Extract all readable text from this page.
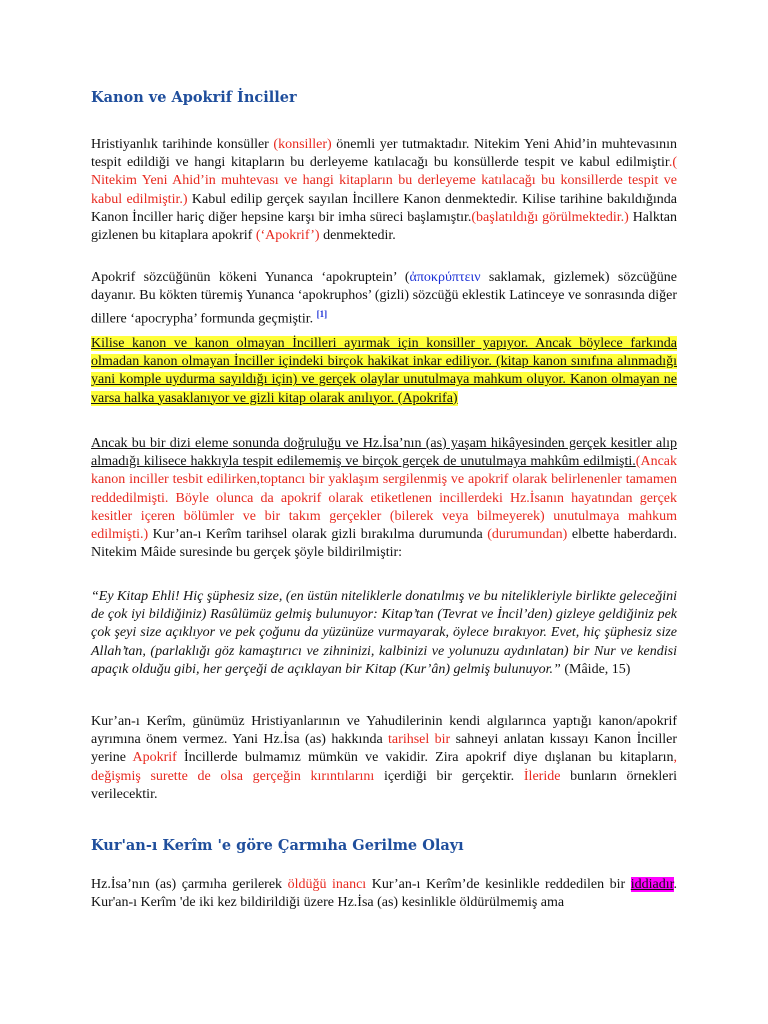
Kanon ve Apokrif İnciller

Hristiyanlık tarihinde konsüller (konsiller) önemli yer tutmaktadır. Nitekim Yeni Ahid’in muhtevasının tespit edildiği ve hangi kitapların bu derleyeme katılacağı bu konsüllerde tespit ve kabul edilmiştir.( Nitekim Yeni Ahid’in muhtevası ve hangi kitapların bu derleyeme katılacağı bu konsillerde tespit ve kabul edilmiştir.) Kabul edilip gerçek sayılan İncillere Kanon denmektedir. Kilise tarihine bakıldığında Kanon İnciller hariç diğer hepsine karşı bir imha süreci başlamıştır.(başlatıldığı görülmektedir.) Halktan gizlenen bu kitaplara apokrif (‘Apokrif’) denmektedir.

Apokrif sözcüğünün kökeni Yunanca ‘apokruptein’ (ἀποκρύπτειν saklamak, gizlemek) sözcüğüne dayanır. Bu kökten türemiş Yunanca ‘apokruphos’ (gizli) sözcüğü eklestik Latinceye ve sonrasında diğer dillere ‘apocrypha’ formunda geçmiştir. [1]

Kilise kanon ve kanon olmayan İncilleri ayırmak için konsiller yapıyor. Ancak böylece farkında olmadan kanon olmayan İnciller içindeki birçok hakikat inkar ediliyor. (kitap kanon sınıfına alınmadığı yani komple uydurma sayıldığı için) ve gerçek olaylar unutulmaya mahkum oluyor. Kanon olmayan ne varsa halka yasaklanıyor ve gizli kitap olarak anılıyor. (Apokrifa)

Ancak bu bir dizi eleme sonunda doğruluğu ve Hz.İsa’nın (as) yaşam hikâyesinden gerçek kesitler alıp almadığı kilisece hakkıyla tespit edilememiş ve birçok gerçek de unutulmaya mahkûm edilmişti.(Ancak kanon inciller tesbit edilirken,toptancı bir yaklaşım sergilenmiş ve apokrif olarak belirlenenler tamamen reddedilmişti. Böyle olunca da apokrif olarak etiketlenen incillerdeki Hz.İsanın hayatından gerçek kesitler içeren bölümler ve bir takım gerçekler (bilerek veya bilmeyerek) unutulmaya mahkum edilmişti.) Kur’an-ı Kerîm tarihsel olarak gizli bırakılma durumunda (durumundan) elbette haberdardı. Nitekim Mâide suresinde bu gerçek şöyle bildirilmiştir:

“Ey Kitap Ehli! Hiç şüphesiz size, (en üstün niteliklerle donatılmış ve bu nitelikleriyle birlikte geleceğini de çok iyi bildiğiniz) Rasûlümüz gelmiş bulunuyor: Kitap’tan (Tevrat ve İncil’den) gizleye geldiğiniz pek çok şeyi size açıklıyor ve pek çoğunu da yüzünüze vurmayarak, öylece bırakıyor. Evet, hiç şüphesiz size Allah’tan, (parlaklığı göz kamaştırıcı ve zihninizi, kalbinizi ve yolunuzu aydınlatan) bir Nur ve kendisi apaçık olduğu gibi, her gerçeği de açıklayan bir Kitap (Kur’ân) gelmiş bulunuyor.” (Mâide, 15)

Kur’an-ı Kerîm, günümüz Hristiyanlarının ve Yahudilerinin kendi algılarınca yaptığı kanon/apokrif ayrımına önem vermez. Yani Hz.İsa (as) hakkında tarihsel bir sahneyi anlatan kıssayı Kanon İnciller yerine Apokrif İncillerde bulmamız mümkün ve vakidir. Zira apokrif diye dışlanan bu kitapların, değişmiş surette de olsa gerçeğin kırıntılarını içerdiği bir gerçektir. İleride bunların örnekleri verilecektir.

Kur'an-ı Kerîm 'e göre Çarmıha Gerilme Olayı

Hz.İsa’nın (as) çarmıha gerilerek öldüğü inancı Kur’an-ı Kerîm’de kesinlikle reddedilen bir iddiadır. Kur'an-ı Kerîm 'de iki kez bildirildiği üzere Hz.İsa (as) kesinlikle öldürülmemiş ama
